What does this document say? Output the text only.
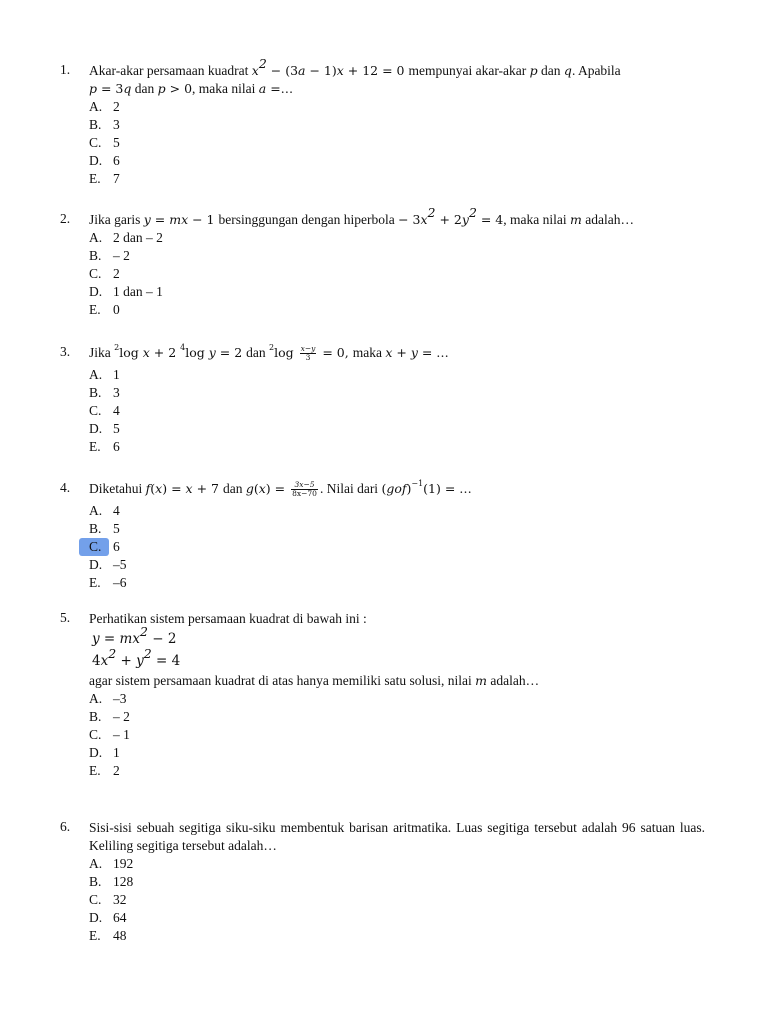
1. Akar-akar persamaan kuadrat $x^2 - (3a - 1)x + 12 = 0$ mempunyai akar-akar p dan q. Apabila
p = 3q dan p > 0, maka nilai a =…
A. 2
B. 3
C. 5
D. 6
E. 7
2. Jika garis y = mx − 1 bersinggungan dengan hiperbola − $3x^2 + 2y^2 = 4$, maka nilai m adalah…
A. 2 dan – 2
B. – 2
C. 2
D. 1 dan – 1
E. 0
3. Jika $^2$log x + 2 $^4$log y = 2 dan $^2\log \frac{x-y}{3} = 0$, maka x + y = …
A. 1
B. 3
C. 4
D. 5
E. 6
4. Diketahui f(x) = x + 7 dan $g(x) = \frac{3x-5}{8x-70}$ . Nilai dari (gof)$^{-1}$(1) = …
A. 4
B. 5
C. 6
D. –5
E. –6
5. Perhatikan sistem persamaan kuadrat di bawah ini :
$y = mx^2 - 2$
$4x^2 + y^2 = 4$
agar sistem persamaan kuadrat di atas hanya memiliki satu solusi, nilai m adalah…
A. –3
B. – 2
C. – 1
D. 1
E. 2
6. Sisi-sisi sebuah segitiga siku-siku membentuk barisan aritmatika. Luas segitiga tersebut adalah 96 satuan luas. Keliling segitiga tersebut adalah…
A. 192
B. 128
C. 32
D. 64
E. 48
